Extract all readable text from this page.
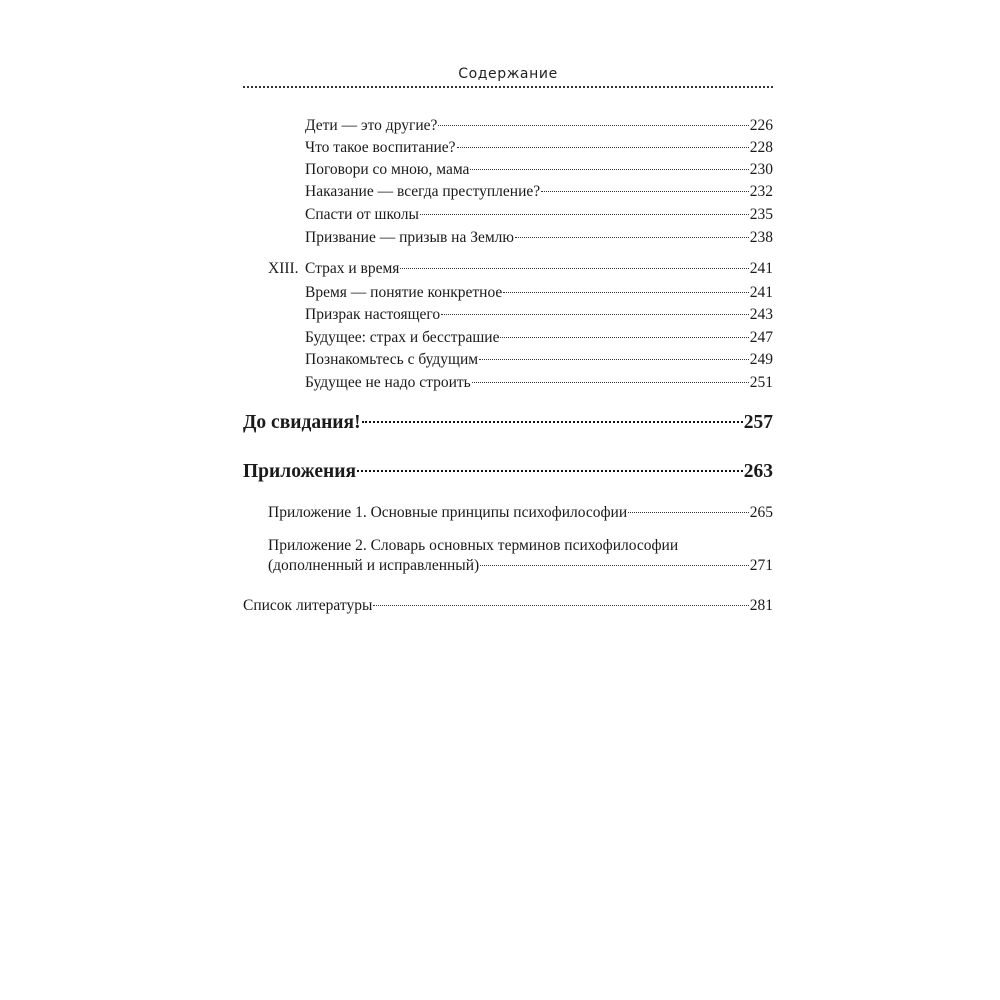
Содержание
Дети — это другие?	226
Что такое воспитание?	228
Поговори со мною, мама	230
Наказание — всегда преступление?	232
Спасти от школы	235
Призвание — призыв на Землю	238
XIII. Страх и время	241
Время — понятие конкретное	241
Призрак настоящего	243
Будущее: страх и бесстрашие	247
Познакомьтесь с будущим	249
Будущее не надо строить	251
До свидания!	257
Приложения	263
Приложение 1. Основные принципы психофилософии	265
Приложение 2. Словарь основных терминов психофилософии
(дополненный и исправленный)	271
Список литературы	281
